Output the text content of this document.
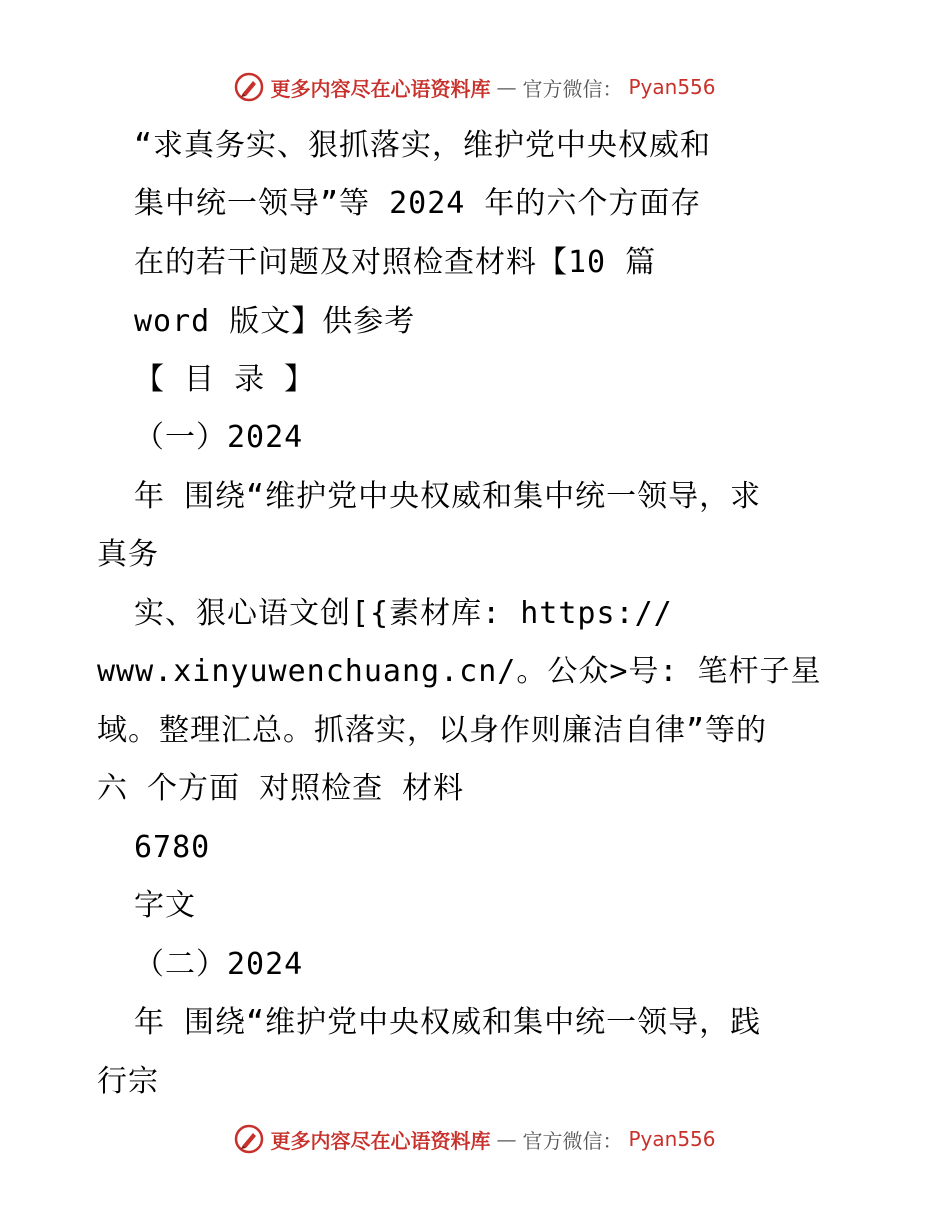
更多内容尽在心语资料库 — 官方微信： Pyan556
“求真务实、狠抓落实，维护党中央权威和
集中统一领导”等 2024 年的六个方面存
在的若干问题及对照检查材料【10 篇
word 版文】供参考
【 目 录 】
（一）2024
年 围绕“维护党中央权威和集中统一领导，求
真务
实、狠心语文创[{素材库: https://
www.xinyuwenchuang.cn/。公众>号: 笔杆子星
域。整理汇总。抓落实，以身作则廉洁自律”等的
六 个方面 对照检查 材料
6780
字文
（二）2024
年 围绕“维护党中央权威和集中统一领导，践
行宗
更多内容尽在心语资料库 — 官方微信： Pyan556
